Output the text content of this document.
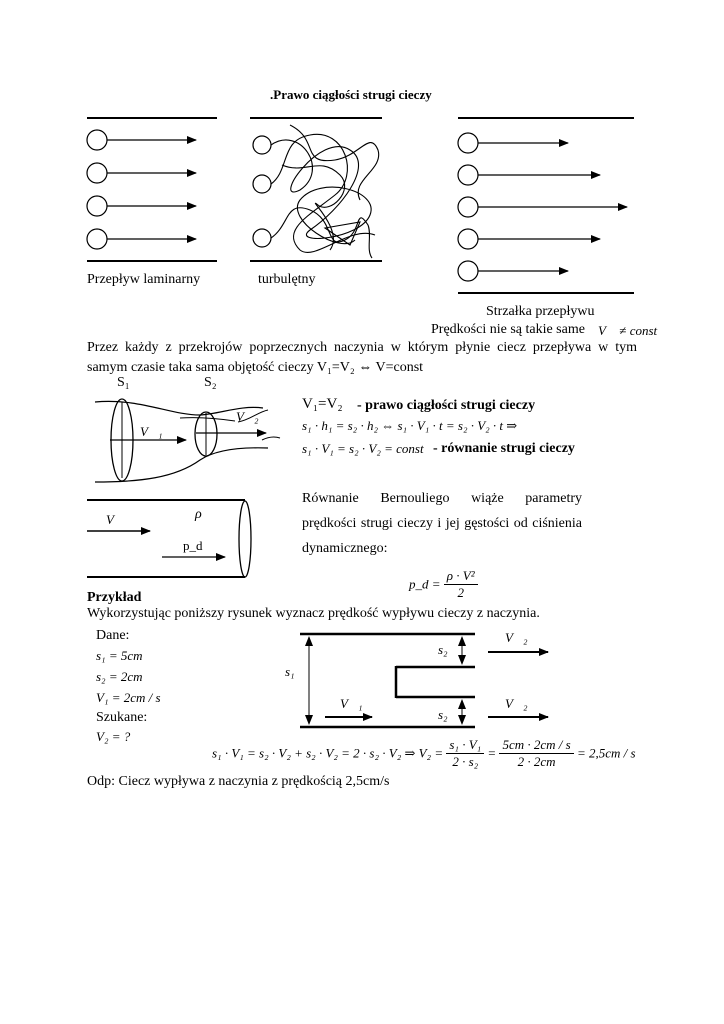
.Prawo ciągłości strugi cieczy
Przepływ laminarny	turbulętny
Strzałka przepływu
Prędkości nie są takie same V⃗ ≠ const
Przez każdy z przekrojów poprzecznych naczynia w którym płynie ciecz przepływa w tym samym czasie taka sama objętość cieczy V₁=V₂ ⇔ V=const
S₁	S₂
V⃗₁
V⃗₂
V₁=V₂ - prawo ciągłości strugi cieczy
s₁ · h₁ = s₂ · h₂ ⇔ s₁ · V₁ · t = s₂ · V₂ · t ⇒
s₁ · V₁ = s₂ · V₂ = const - równanie strugi cieczy
Równanie Bernouliego wiąże parametry prędkości strugi cieczy i jej gęstości od ciśnienia dynamicznego:
V⃗	ρ
p_d
p_d = $\frac{\text{ρ · V²}}{2}$
Przykład
Wykorzystując poniższy rysunek wyznacz prędkość wypływu cieczy z naczynia.
Dane:
s₁ = 5cm
s₂ = 2cm
V₁ = 2cm / s
Szukane:
V₂ = ?
s₁
s₂
s₂
V⃗₁
V⃗₂
V⃗₂
s₁ · V₁ = s₂ · V₂ + s₂ · V₂ = 2 · s₂ · V₂ ⇒ $V_2 = \frac{\text{s₁ · V₁}}{\text{2 · s₂}} = \frac{5cm \cdot 2cm / s}{2 \cdot 2cm} = 2,5cm / s$
Odp: Ciecz wypływa z naczynia z prędkością 2,5cm/s
